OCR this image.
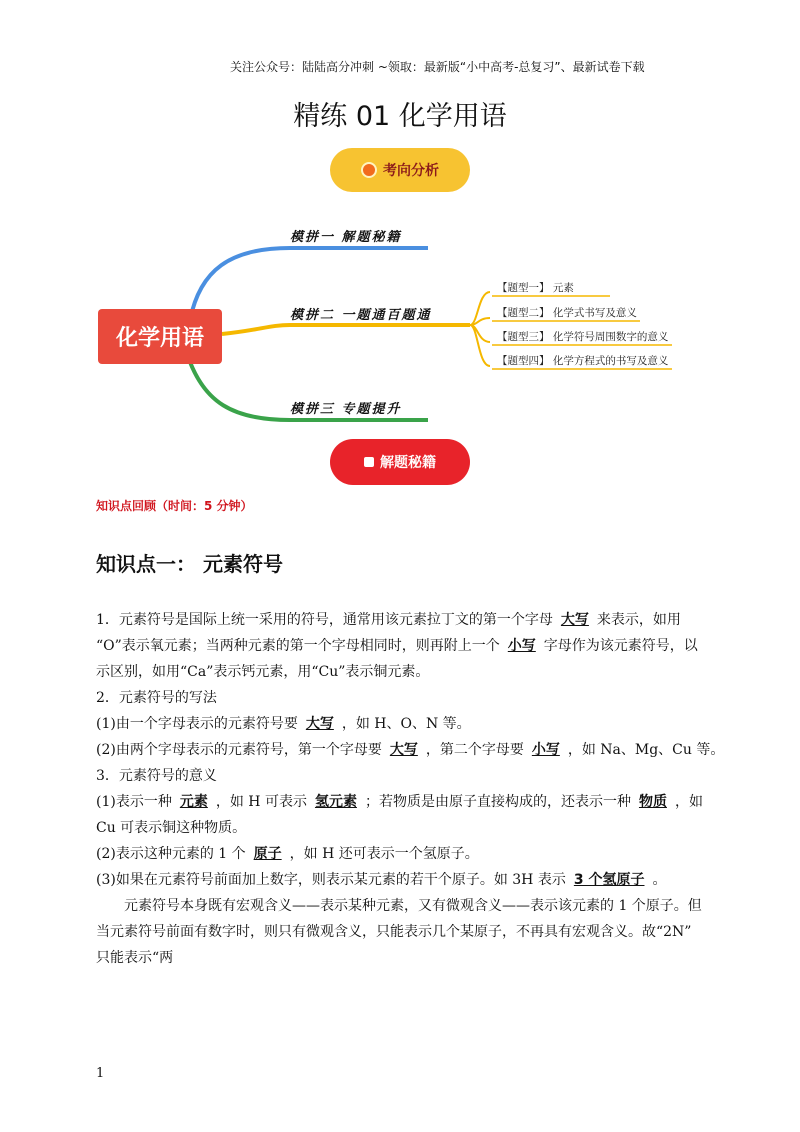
关注公众号：陆陆高分冲刺 ~领取：最新版“小中高考-总复习”、最新试卷下载
精练 01 化学用语
考向分析
化学用语
模拼一 解题秘籍
模拼二 一题通百题通
模拼三 专题提升
【题型一】 元素
【题型二】 化学式书写及意义
【题型三】 化学符号周围数字的意义
【题型四】 化学方程式的书写及意义
解题秘籍
知识点回顾（时间：5 分钟）
知识点一： 元素符号
1．元素符号是国际上统一采用的符号，通常用该元素拉丁文的第一个字母 大写 来表示，如用
“O”表示氧元素；当两种元素的第一个字母相同时，则再附上一个 小写 字母作为该元素符号，以
示区别，如用“Ca”表示钙元素，用“Cu”表示铜元素。
2．元素符号的写法
(1)由一个字母表示的元素符号要 大写 ，如 H、O、N 等。
(2)由两个字母表示的元素符号，第一个字母要 大写 ，第二个字母要 小写 ，如 Na、Mg、Cu 等。
3．元素符号的意义
(1)表示一种 元素 ，如 H 可表示 氢元素 ；若物质是由原子直接构成的，还表示一种 物质 ，如
Cu 可表示铜这种物质。
(2)表示这种元素的 1 个 原子 ，如 H 还可表示一个氢原子。
(3)如果在元素符号前面加上数字，则表示某元素的若干个原子。如 3H 表示 3 个氢原子 。
元素符号本身既有宏观含义——表示某种元素，又有微观含义——表示该元素的 1 个原子。但
当元素符号前面有数字时，则只有微观含义，只能表示几个某原子，不再具有宏观含义。故“2N”
只能表示“两
1
